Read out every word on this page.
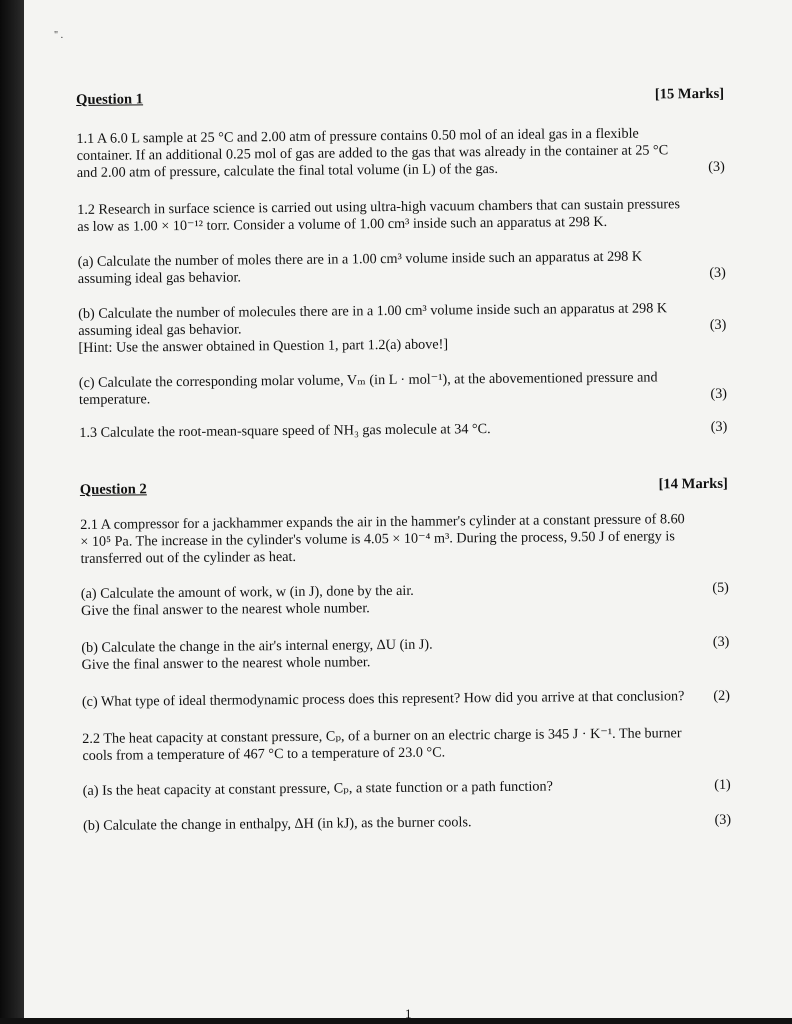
" .
Question 1	[15 Marks]

1.1 A 6.0 L sample at 25 °C and 2.00 atm of pressure contains 0.50 mol of an ideal gas in a flexible container. If an additional 0.25 mol of gas are added to the gas that was already in the container at 25 °C and 2.00 atm of pressure, calculate the final total volume (in L) of the gas.	(3)

1.2 Research in surface science is carried out using ultra-high vacuum chambers that can sustain pressures as low as 1.00 × 10⁻¹² torr. Consider a volume of 1.00 cm³ inside such an apparatus at 298 K.

(a) Calculate the number of moles there are in a 1.00 cm³ volume inside such an apparatus at 298 K assuming ideal gas behavior.	(3)

(b) Calculate the number of molecules there are in a 1.00 cm³ volume inside such an apparatus at 298 K assuming ideal gas behavior.

[Hint: Use the answer obtained in Question 1, part 1.2(a) above!]

(3)

(c) Calculate the corresponding molar volume, Vₘ (in L · mol⁻¹), at the abovementioned pressure and temperature.	(3)

1.3 Calculate the root-mean-square speed of NH₃ gas molecule at 34 °C.	(3)
Question 2	[14 Marks]

2.1 A compressor for a jackhammer expands the air in the hammer's cylinder at a constant pressure of 8.60 × 10⁵ Pa. The increase in the cylinder's volume is 4.05 × 10⁻⁴ m³. During the process, 9.50 J of energy is transferred out of the cylinder as heat.

(a) Calculate the amount of work, w (in J), done by the air.

Give the final answer to the nearest whole number.

(5)

(b) Calculate the change in the air's internal energy, ΔU (in J).

Give the final answer to the nearest whole number.

(3)

(c) What type of ideal thermodynamic process does this represent? How did you arrive at that conclusion?	(2)

2.2 The heat capacity at constant pressure, Cₚ, of a burner on an electric charge is 345 J · K⁻¹. The burner cools from a temperature of 467 °C to a temperature of 23.0 °C.

(a) Is the heat capacity at constant pressure, Cₚ, a state function or a path function?	(1)

(b) Calculate the change in enthalpy, ΔH (in kJ), as the burner cools.	(3)
1
